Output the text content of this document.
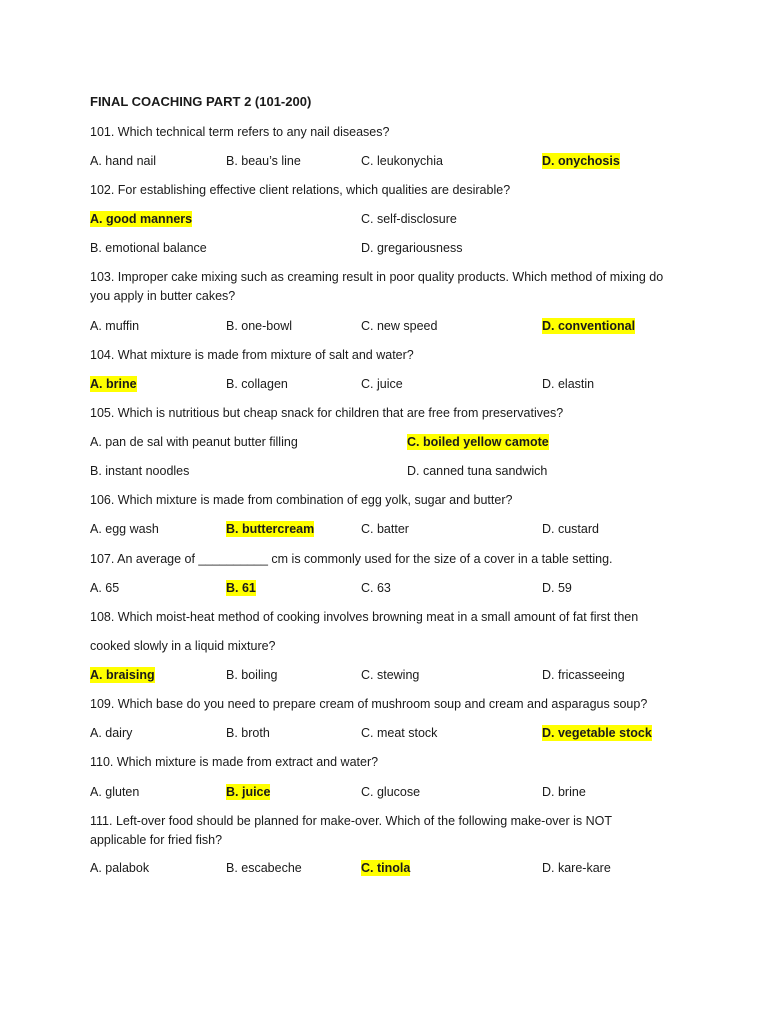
FINAL COACHING PART 2 (101-200)
101. Which technical term refers to any nail diseases?
A. hand nail	B. beau’s line	C. leukonychia	D. onychosis
102. For establishing effective client relations, which qualities are desirable?
A. good manners	C. self-disclosure
B. emotional balance	D. gregariousness
103. Improper cake mixing such as creaming result in poor quality products. Which method of mixing do
you apply in butter cakes?
A. muffin	B. one-bowl	C. new speed	D. conventional
104. What mixture is made from mixture of salt and water?
A. brine	B. collagen	C. juice	D. elastin
105. Which is nutritious but cheap snack for children that are free from preservatives?
A. pan de sal with peanut butter filling	C. boiled yellow camote
B. instant noodles	D. canned tuna sandwich
106. Which mixture is made from combination of egg yolk, sugar and butter?
A. egg wash	B. buttercream	C. batter	D. custard
107. An average of __________ cm is commonly used for the size of a cover in a table setting.
A. 65	B. 61	C. 63	D. 59
108. Which moist-heat method of cooking involves browning meat in a small amount of fat first then
cooked slowly in a liquid mixture?
A. braising	B. boiling	C. stewing	D. fricasseeing
109. Which base do you need to prepare cream of mushroom soup and cream and asparagus soup?
A. dairy	B. broth	C. meat stock	D. vegetable stock
110. Which mixture is made from extract and water?
A. gluten	B. juice	C. glucose	D. brine
111. Left-over food should be planned for make-over. Which of the following make-over is NOT
applicable for fried fish?
A. palabok	B. escabeche	C. tinola	D. kare-kare
